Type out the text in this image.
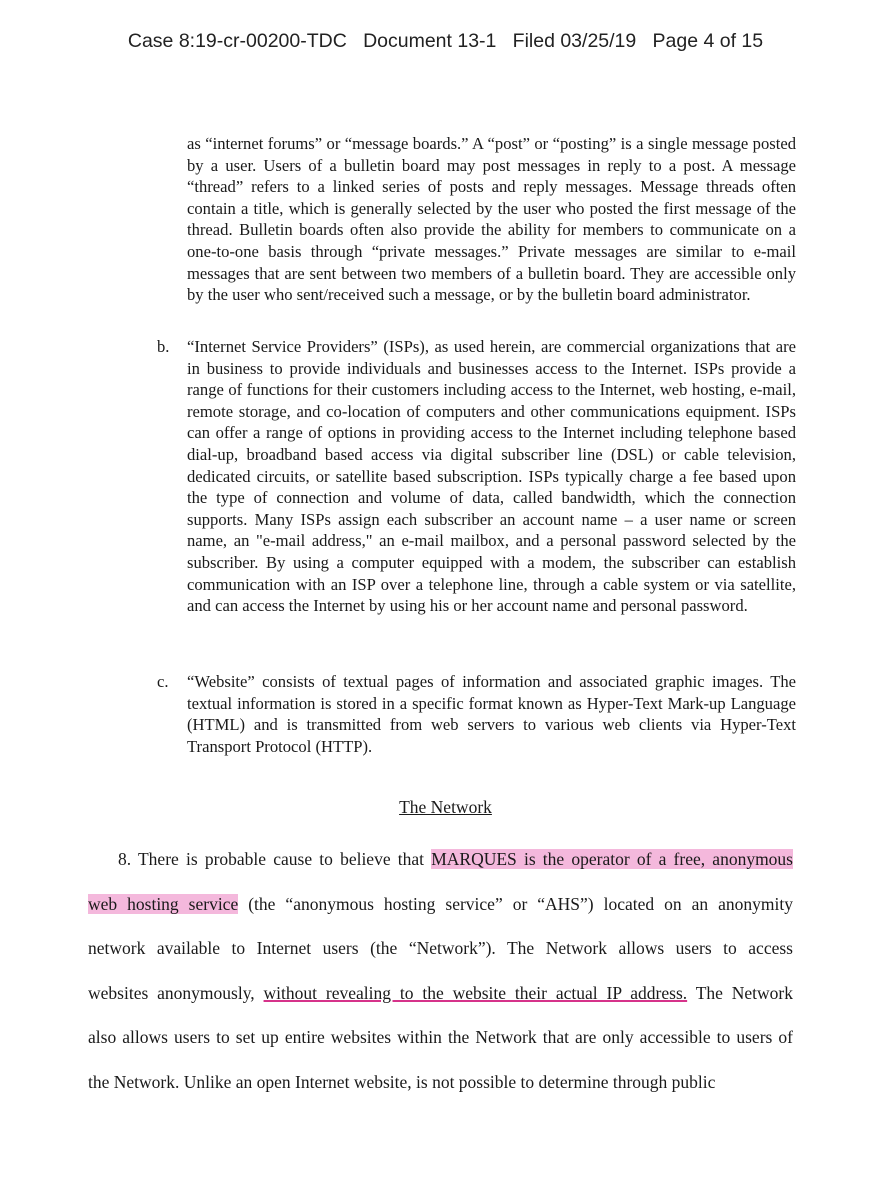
Case 8:19-cr-00200-TDC Document 13-1 Filed 03/25/19 Page 4 of 15
as “internet forums” or “message boards.” A “post” or “posting” is a single message posted by a user. Users of a bulletin board may post messages in reply to a post. A message “thread” refers to a linked series of posts and reply messages. Message threads often contain a title, which is generally selected by the user who posted the first message of the thread. Bulletin boards often also provide the ability for members to communicate on a one-to-one basis through “private messages.” Private messages are similar to e-mail messages that are sent between two members of a bulletin board. They are accessible only by the user who sent/received such a message, or by the bulletin board administrator.
b.	“Internet Service Providers” (ISPs), as used herein, are commercial organizations that are in business to provide individuals and businesses access to the Internet. ISPs provide a range of functions for their customers including access to the Internet, web hosting, e-mail, remote storage, and co-location of computers and other communications equipment. ISPs can offer a range of options in providing access to the Internet including telephone based dial-up, broadband based access via digital subscriber line (DSL) or cable television, dedicated circuits, or satellite based subscription. ISPs typically charge a fee based upon the type of connection and volume of data, called bandwidth, which the connection supports. Many ISPs assign each subscriber an account name – a user name or screen name, an "e-mail address," an e-mail mailbox, and a personal password selected by the subscriber. By using a computer equipped with a modem, the subscriber can establish communication with an ISP over a telephone line, through a cable system or via satellite, and can access the Internet by using his or her account name and personal password.
c.	“Website” consists of textual pages of information and associated graphic images. The textual information is stored in a specific format known as Hyper-Text Mark-up Language (HTML) and is transmitted from web servers to various web clients via Hyper-Text Transport Protocol (HTTP).
The Network
8. There is probable cause to believe that MARQUES is the operator of a free, anonymous
web hosting service (the “anonymous hosting service” or “AHS”) located on an anonymity
network available to Internet users (the “Network”). The Network allows users to access
websites anonymously, without revealing to the website their actual IP address. The Network
also allows users to set up entire websites within the Network that are only accessible to users of
the Network. Unlike an open Internet website, is not possible to determine through public
